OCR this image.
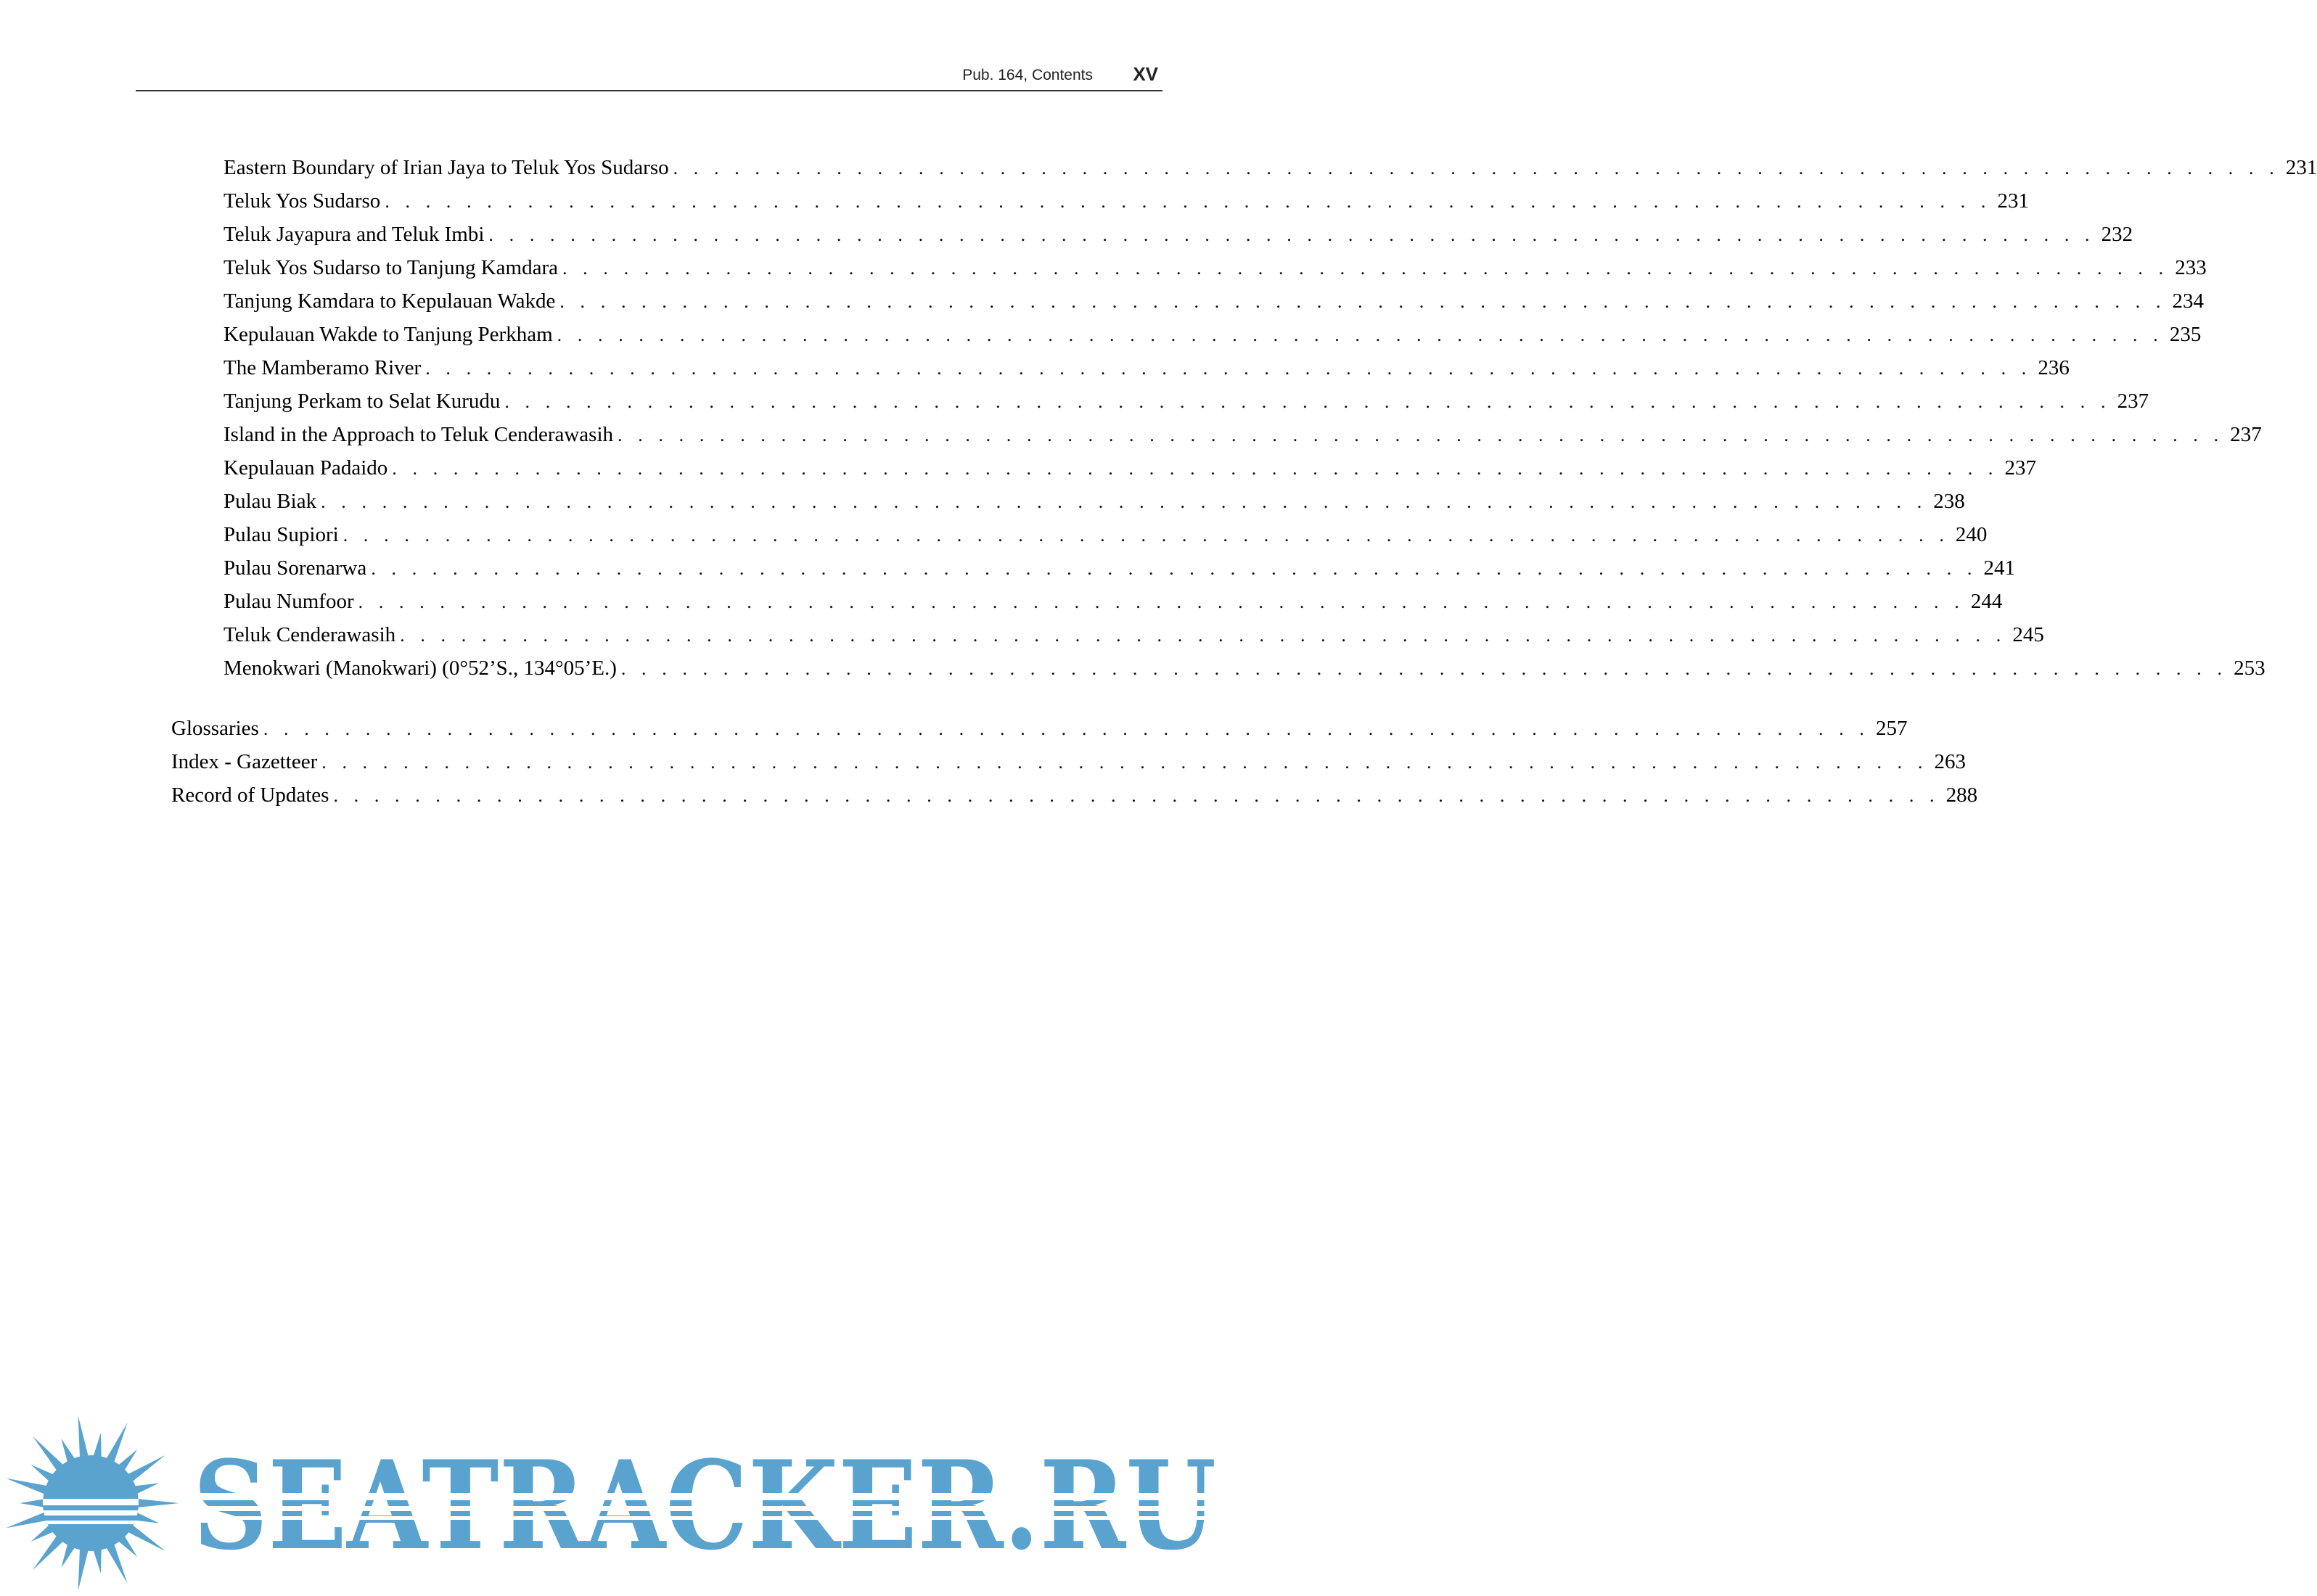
Pub. 164, Contents XV
Eastern Boundary of Irian Jaya to Teluk Yos Sudarso . . . . . . . . . . . . . . . . . . . . . . . . . . . . . . . . . . . . . . . . . . . . . . . . . . . . . . . . . . . . . . . . . . . . . . . . . . . . . . . 231
Teluk Yos Sudarso . . . . . . . . . . . . . . . . . . . . . . . . . . . . . . . . . . . . . . . . . . . . . . . . . . . . . . . . . . . . . . . . . . . . . . . . . . . . . . . 231
Teluk Jayapura and Teluk Imbi . . . . . . . . . . . . . . . . . . . . . . . . . . . . . . . . . . . . . . . . . . . . . . . . . . . . . . . . . . . . . . . . . . . . . . . . . . . . . . . 232
Teluk Yos Sudarso to Tanjung Kamdara . . . . . . . . . . . . . . . . . . . . . . . . . . . . . . . . . . . . . . . . . . . . . . . . . . . . . . . . . . . . . . . . . . . . . . . . . . . . . . . 233
Tanjung Kamdara to Kepulauan Wakde . . . . . . . . . . . . . . . . . . . . . . . . . . . . . . . . . . . . . . . . . . . . . . . . . . . . . . . . . . . . . . . . . . . . . . . . . . . . . . . 234
Kepulauan Wakde to Tanjung Perkham . . . . . . . . . . . . . . . . . . . . . . . . . . . . . . . . . . . . . . . . . . . . . . . . . . . . . . . . . . . . . . . . . . . . . . . . . . . . . . . 235
The Mamberamo River . . . . . . . . . . . . . . . . . . . . . . . . . . . . . . . . . . . . . . . . . . . . . . . . . . . . . . . . . . . . . . . . . . . . . . . . . . . . . . . 236
Tanjung Perkam to Selat Kurudu . . . . . . . . . . . . . . . . . . . . . . . . . . . . . . . . . . . . . . . . . . . . . . . . . . . . . . . . . . . . . . . . . . . . . . . . . . . . . . . 237
Island in the Approach to Teluk Cenderawasih . . . . . . . . . . . . . . . . . . . . . . . . . . . . . . . . . . . . . . . . . . . . . . . . . . . . . . . . . . . . . . . . . . . . . . . . . . . . . . . 237
Kepulauan Padaido . . . . . . . . . . . . . . . . . . . . . . . . . . . . . . . . . . . . . . . . . . . . . . . . . . . . . . . . . . . . . . . . . . . . . . . . . . . . . . . 237
Pulau Biak . . . . . . . . . . . . . . . . . . . . . . . . . . . . . . . . . . . . . . . . . . . . . . . . . . . . . . . . . . . . . . . . . . . . . . . . . . . . . . . 238
Pulau Supiori . . . . . . . . . . . . . . . . . . . . . . . . . . . . . . . . . . . . . . . . . . . . . . . . . . . . . . . . . . . . . . . . . . . . . . . . . . . . . . . 240
Pulau Sorenarwa . . . . . . . . . . . . . . . . . . . . . . . . . . . . . . . . . . . . . . . . . . . . . . . . . . . . . . . . . . . . . . . . . . . . . . . . . . . . . . . 241
Pulau Numfoor . . . . . . . . . . . . . . . . . . . . . . . . . . . . . . . . . . . . . . . . . . . . . . . . . . . . . . . . . . . . . . . . . . . . . . . . . . . . . . . 244
Teluk Cenderawasih . . . . . . . . . . . . . . . . . . . . . . . . . . . . . . . . . . . . . . . . . . . . . . . . . . . . . . . . . . . . . . . . . . . . . . . . . . . . . . . 245
Menokwari (Manokwari) (0°52’S., 134°05’E.) . . . . . . . . . . . . . . . . . . . . . . . . . . . . . . . . . . . . . . . . . . . . . . . . . . . . . . . . . . . . . . . . . . . . . . . . . . . . . . . 253
Glossaries . . . . . . . . . . . . . . . . . . . . . . . . . . . . . . . . . . . . . . . . . . . . . . . . . . . . . . . . . . . . . . . . . . . . . . . . . . . . . . . 257
Index - Gazetteer . . . . . . . . . . . . . . . . . . . . . . . . . . . . . . . . . . . . . . . . . . . . . . . . . . . . . . . . . . . . . . . . . . . . . . . . . . . . . . . 263
Record of Updates . . . . . . . . . . . . . . . . . . . . . . . . . . . . . . . . . . . . . . . . . . . . . . . . . . . . . . . . . . . . . . . . . . . . . . . . . . . . . . . 288
